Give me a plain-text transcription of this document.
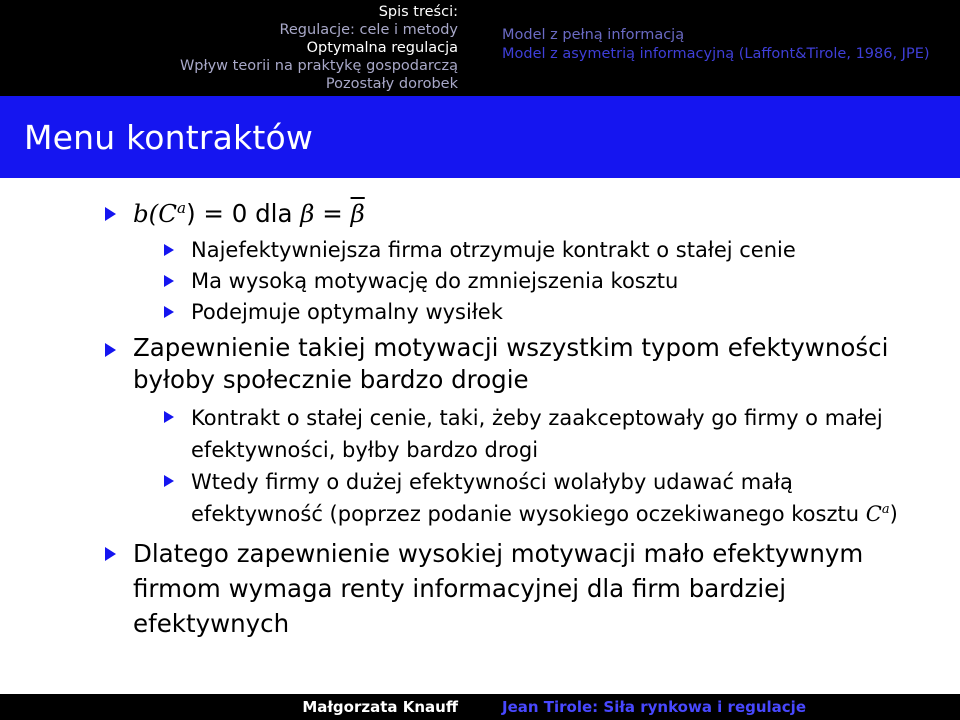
Spis treści:
Regulacje: cele i metody
Optymalna regulacja
Wpływ teorii na praktykę gospodarczą
Pozostały dorobek
Model z pełną informacją
Model z asymetrią informacyjną (Laffont&Tirole, 1986, JPE)
Menu kontraktów
$b(C^a) = 0$ dla $\beta = \overline{\beta}$
Najefektywniejsza firma otrzymuje kontrakt o stałej cenie
Ma wysoką motywację do zmniejszenia kosztu
Podejmuje optymalny wysiłek
Zapewnienie takiej motywacji wszystkim typom efektywności byłoby społecznie bardzo drogie
Kontrakt o stałej cenie, taki, żeby zaakceptowały go firmy o małej efektywności, byłby bardzo drogi
Wtedy firmy o dużej efektywności wolałyby udawać małą efektywność (poprzez podanie wysokiego oczekiwanego kosztu $C^a$)
Dlatego zapewnienie wysokiej motywacji mało efektywnym firmom wymaga renty informacyjnej dla firm bardziej efektywnych
Małgorzata Knauff	Jean Tirole: Siła rynkowa i regulacje
